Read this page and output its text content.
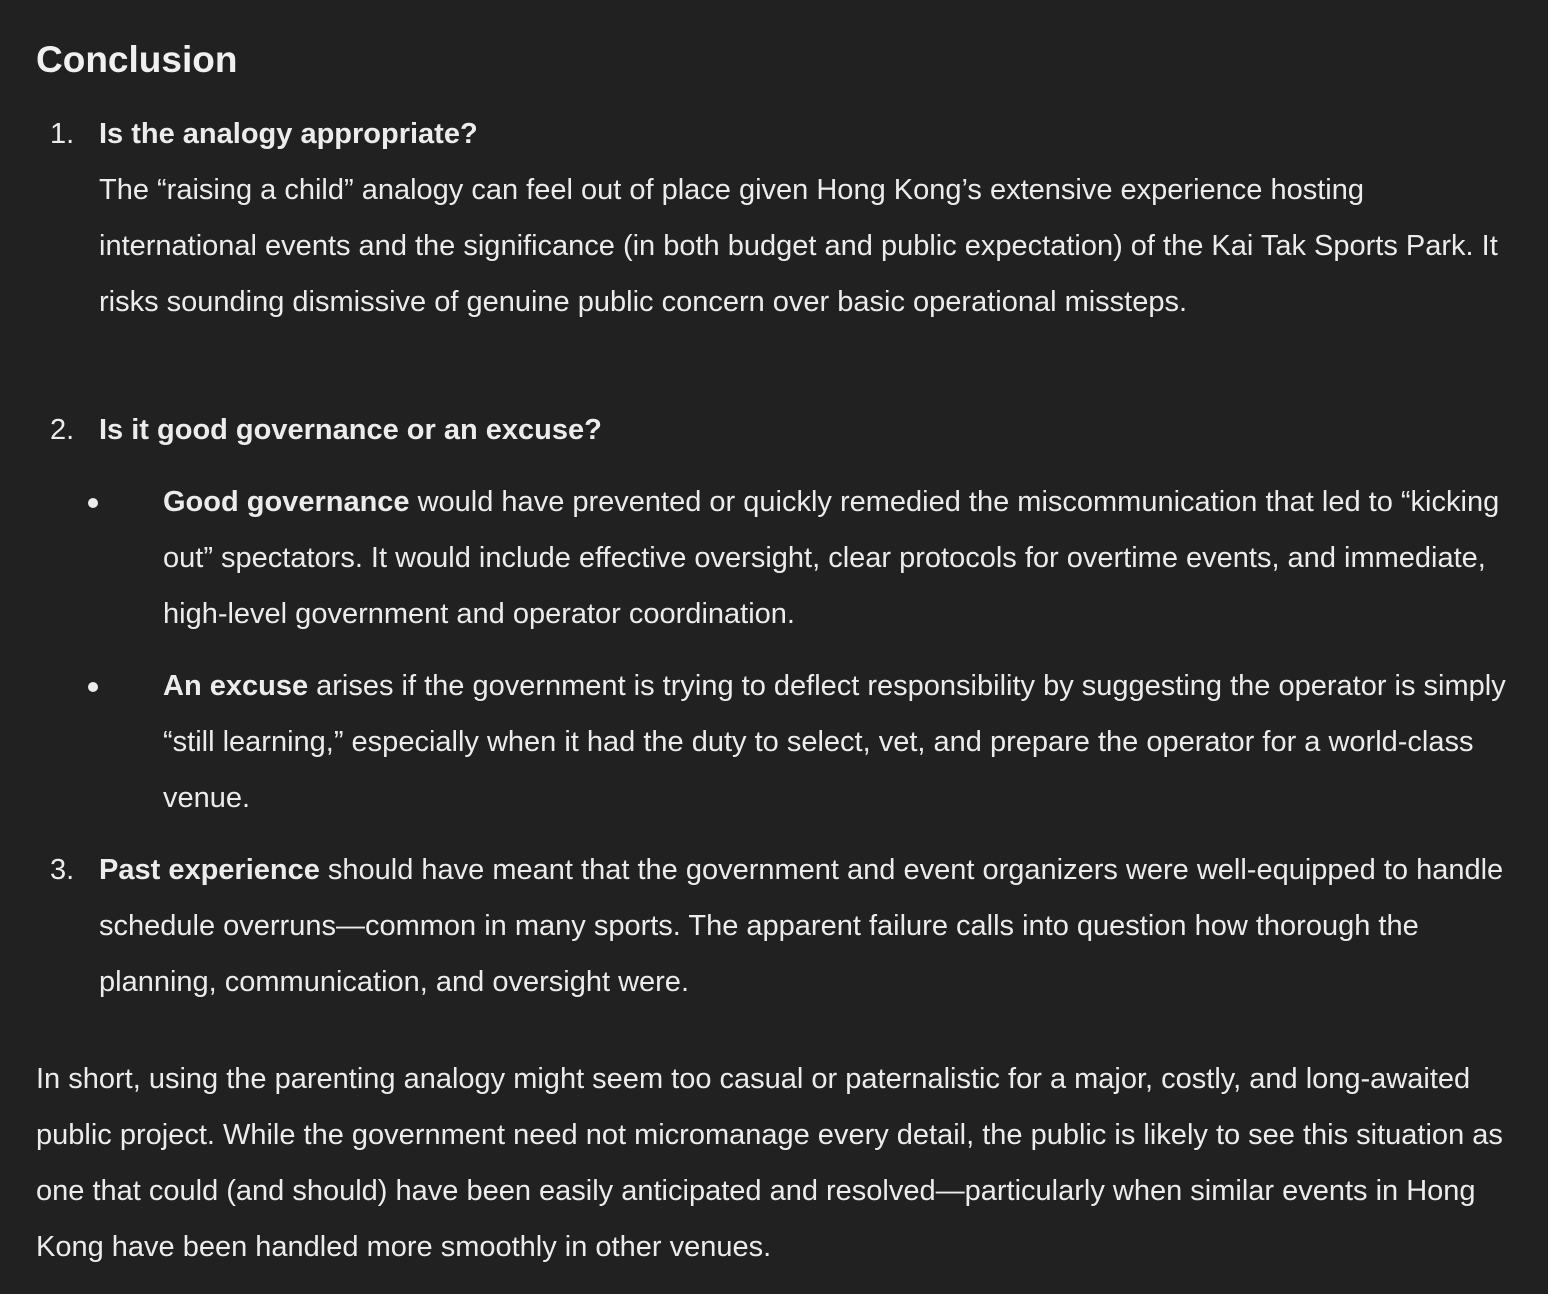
Conclusion
1. Is the analogy appropriate?
The “raising a child” analogy can feel out of place given Hong Kong’s extensive experience hosting international events and the significance (in both budget and public expectation) of the Kai Tak Sports Park. It risks sounding dismissive of genuine public concern over basic operational missteps.
2. Is it good governance or an excuse?
Good governance would have prevented or quickly remedied the miscommunication that led to “kicking out” spectators. It would include effective oversight, clear protocols for overtime events, and immediate, high-level government and operator coordination.
An excuse arises if the government is trying to deflect responsibility by suggesting the operator is simply “still learning,” especially when it had the duty to select, vet, and prepare the operator for a world-class venue.
3. Past experience should have meant that the government and event organizers were well-equipped to handle schedule overruns—common in many sports. The apparent failure calls into question how thorough the planning, communication, and oversight were.

In short, using the parenting analogy might seem too casual or paternalistic for a major, costly, and long-awaited public project. While the government need not micromanage every detail, the public is likely to see this situation as one that could (and should) have been easily anticipated and resolved—particularly when similar events in Hong Kong have been handled more smoothly in other venues.
